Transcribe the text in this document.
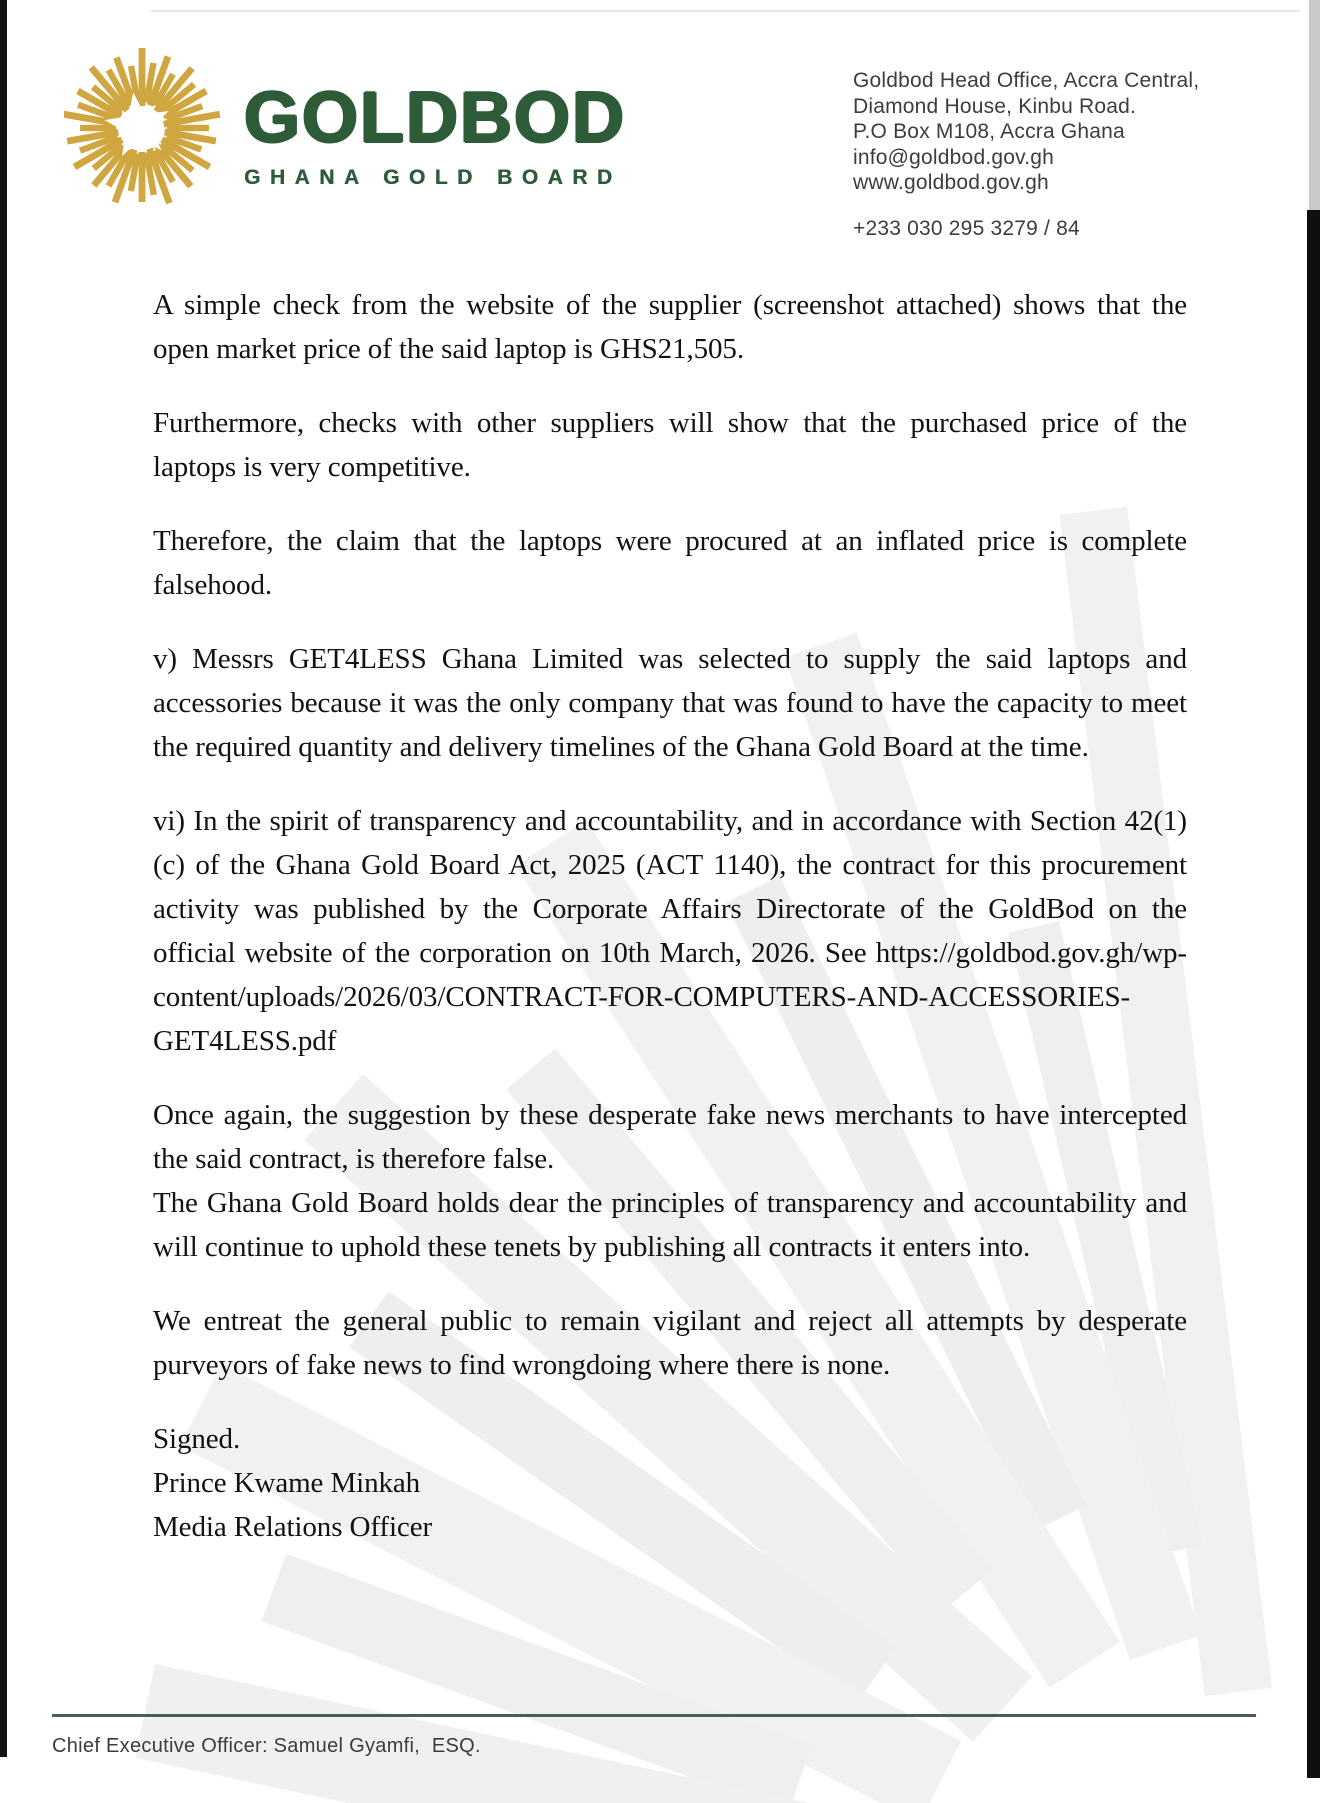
GOLDBOD
GHANA GOLD BOARD
Goldbod Head Office, Accra Central,
Diamond House, Kinbu Road.
P.O Box M108, Accra Ghana
info@goldbod.gov.gh
www.goldbod.gov.gh
+233 030 295 3279 / 84

A simple check from the website of the supplier (screenshot attached) shows that the open market price of the said laptop is GHS21,505.

Furthermore, checks with other suppliers will show that the purchased price of the laptops is very competitive.

Therefore, the claim that the laptops were procured at an inflated price is complete falsehood.

v) Messrs GET4LESS Ghana Limited was selected to supply the said laptops and accessories because it was the only company that was found to have the capacity to meet the required quantity and delivery timelines of the Ghana Gold Board at the time.

vi) In the spirit of transparency and accountability, and in accordance with Section 42(1)(c) of the Ghana Gold Board Act, 2025 (ACT 1140), the contract for this procurement activity was published by the Corporate Affairs Directorate of the GoldBod on the official website of the corporation on 10th March, 2026. See https://goldbod.gov.gh/wp-content/uploads/2026/03/CONTRACT-FOR-COMPUTERS-AND-ACCESSORIES-GET4LESS.pdf

Once again, the suggestion by these desperate fake news merchants to have intercepted the said contract, is therefore false.

The Ghana Gold Board holds dear the principles of transparency and accountability and will continue to uphold these tenets by publishing all contracts it enters into.

We entreat the general public to remain vigilant and reject all attempts by desperate purveyors of fake news to find wrongdoing where there is none.

Signed.
Prince Kwame Minkah
Media Relations Officer

Chief Executive Officer: Samuel Gyamfi,  ESQ.
